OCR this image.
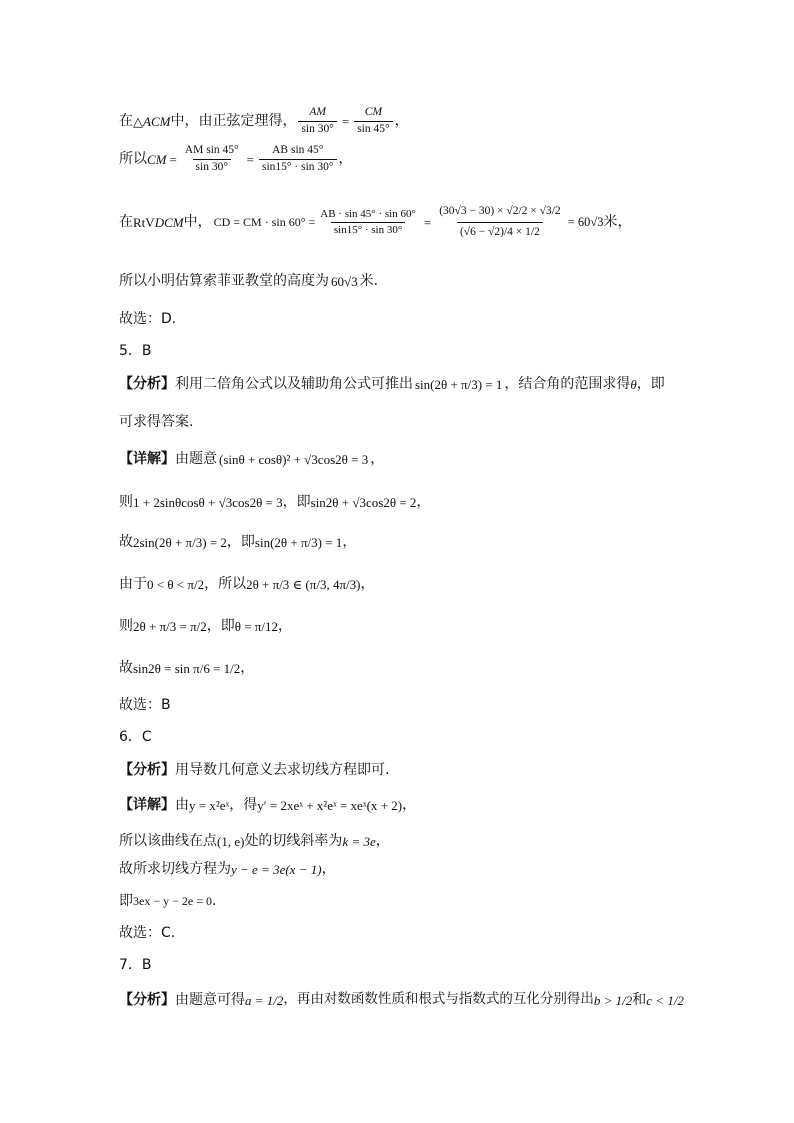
在 △ ACM 中，由正弦定理得， $\frac{AM}{\sin 30^\circ} = \frac{CM}{\sin 45^\circ}$ ，
所以 CM = $\frac{\text{AM sin 45°}}{\sin 30^\circ} = \frac{\text{AB sin 45°}}{\sin 15^\circ \cdot \sin 30^\circ}$ ，
在 Rt V DCM 中， CD = CM · $\sin 60^\circ = \frac{AB \cdot \sin 45^\circ \cdot \sin 60^\circ}{\sin 15^\circ \cdot \sin 30^\circ} = \frac{(30√3 - 30) \times √2/2 \times √3/2}{(√6 - √2)/4 \times 1/2} = 60√3$ 米，
所以小明估算索菲亚教堂的高度为 60√3 米．
故选：D．
5．B
【分析】 利用二倍角公式以及辅助角公式可推出 sin(2θ + π/3) = 1 ，结合角的范围求得 θ ，即
可求得答案.
【详解】 由题意 (sinθ + cosθ)² + √3cos2θ = 3 ，
则 1 + 2sinθcosθ + √3cos2θ = 3 ，即 sin2θ + √3cos2θ = 2 ，
故 2sin(2θ + π/3) = 2 ，即 sin(2θ + π/3) = 1 ，
由于 0 < θ < π/2 ，所以 2θ + π/3 ∈ (π/3, 4π/3) ，
则 2θ + π/3 = π/2 ，即 θ = π/12 ，
故 sin2θ = sin π/6 = 1/2 ，
故选：B
6．C
【分析】 用导数几何意义去求切线方程即可.
【详解】 由 y = x²eˣ ，得 y′ = 2xeˣ + x²eˣ = xeˣ(x + 2) ，
所以该曲线在点 (1, e) 处的切线斜率为 k = 3e ，
故所求切线方程为 y − e = 3e(x − 1) ，
即 3ex − y − 2e = 0 ．
故选：C.
7．B
【分析】 由题意可得 a = 1/2 ，再由对数函数性质和根式与指数式的互化分别得出 b > 1/2 和 c < 1/2
